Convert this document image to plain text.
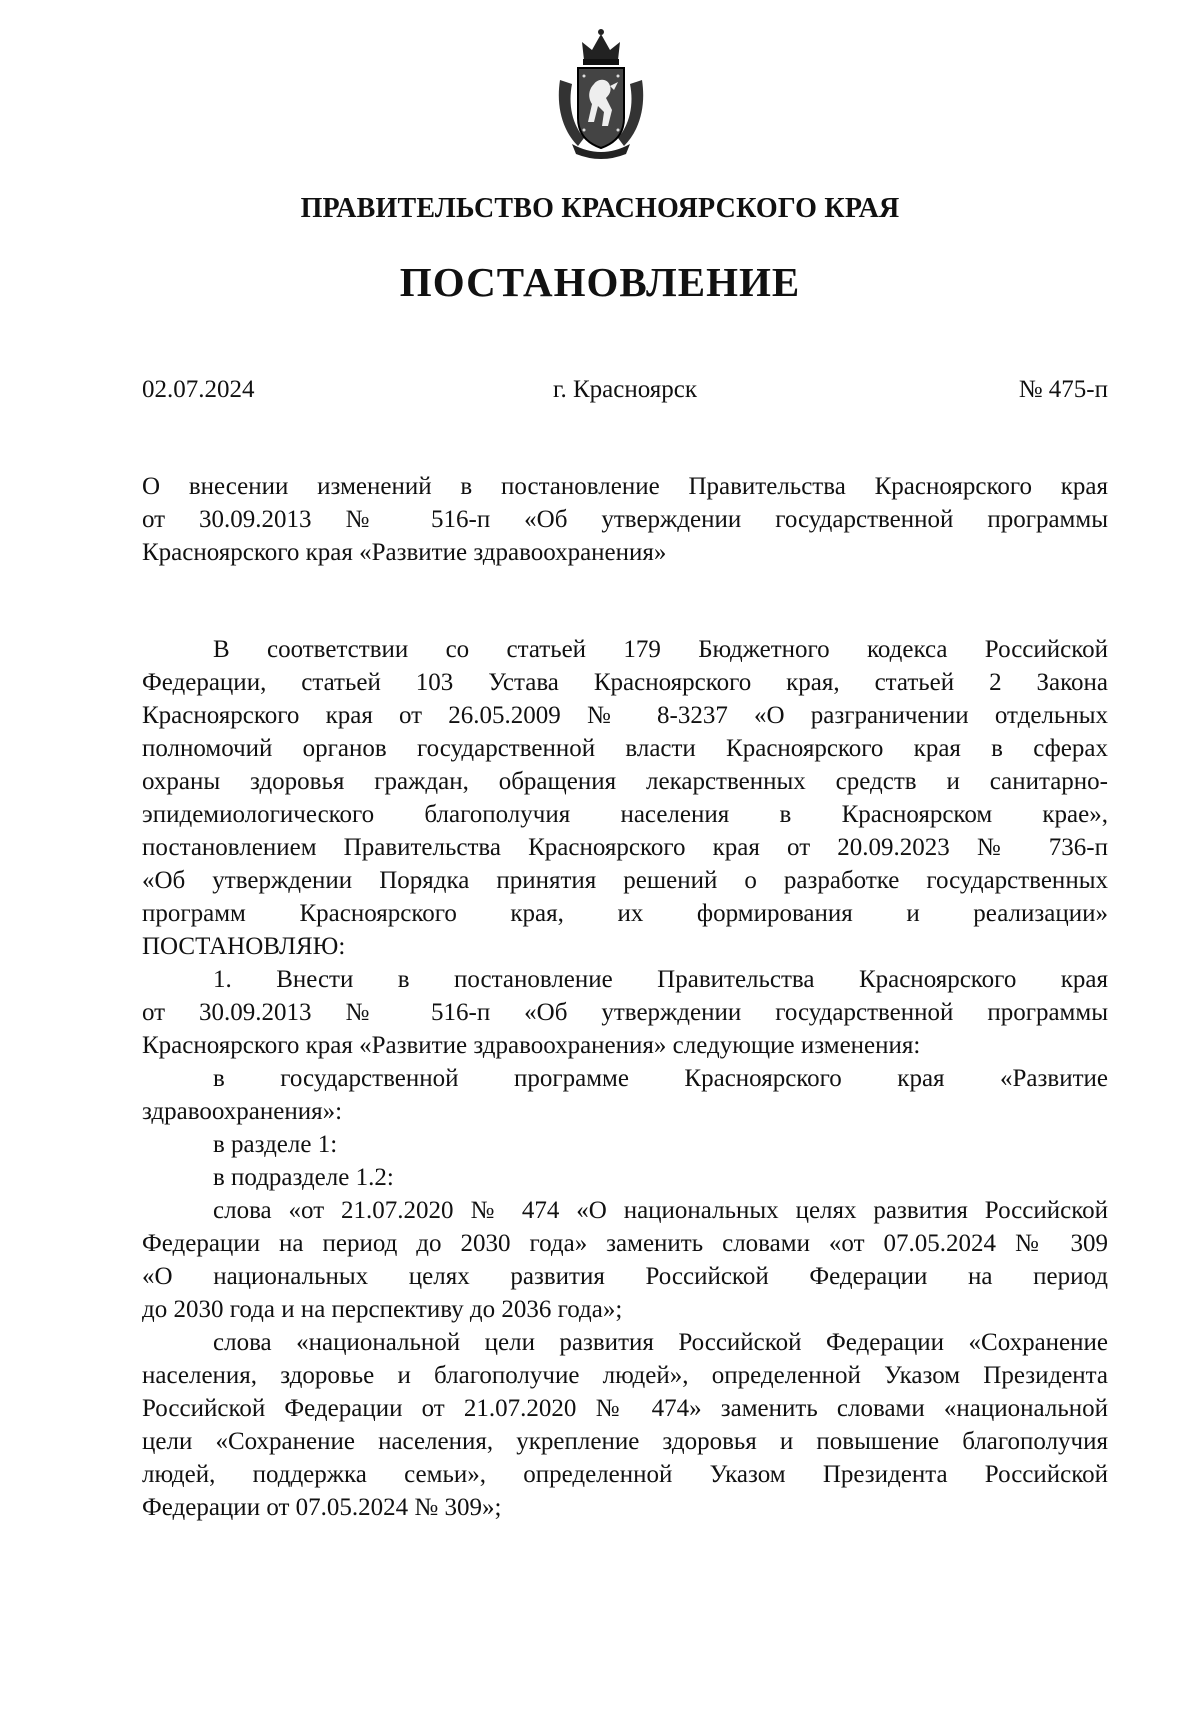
ПРАВИТЕЛЬСТВО КРАСНОЯРСКОГО КРАЯ
ПОСТАНОВЛЕНИЕ
02.07.2024	г. Красноярск	№ 475-п
О внесении изменений в постановление Правительства Красноярского края
от 30.09.2013 № 516-п «Об утверждении государственной программы
Красноярского края «Развитие здравоохранения»
В соответствии со статьей 179 Бюджетного кодекса Российской
Федерации, статьей 103 Устава Красноярского края, статьей 2 Закона
Красноярского края от 26.05.2009 № 8-3237 «О разграничении отдельных
полномочий органов государственной власти Красноярского края в сферах
охраны здоровья граждан, обращения лекарственных средств и санитарно-
эпидемиологического благополучия населения в Красноярском крае»,
постановлением Правительства Красноярского края от 20.09.2023 № 736-п
«Об утверждении Порядка принятия решений о разработке государственных
программ Красноярского края, их формирования и реализации»
ПОСТАНОВЛЯЮ:
1. Внести в постановление Правительства Красноярского края
от 30.09.2013 № 516-п «Об утверждении государственной программы
Красноярского края «Развитие здравоохранения» следующие изменения:
в государственной программе Красноярского края «Развитие
здравоохранения»:
в разделе 1:
в подразделе 1.2:
слова «от 21.07.2020 № 474 «О национальных целях развития Российской
Федерации на период до 2030 года» заменить словами «от 07.05.2024 № 309
«О национальных целях развития Российской Федерации на период
до 2030 года и на перспективу до 2036 года»;
слова «национальной цели развития Российской Федерации «Сохранение
населения, здоровье и благополучие людей», определенной Указом Президента
Российской Федерации от 21.07.2020 № 474» заменить словами «национальной
цели «Сохранение населения, укрепление здоровья и повышение благополучия
людей, поддержка семьи», определенной Указом Президента Российской
Федерации от 07.05.2024 № 309»;
